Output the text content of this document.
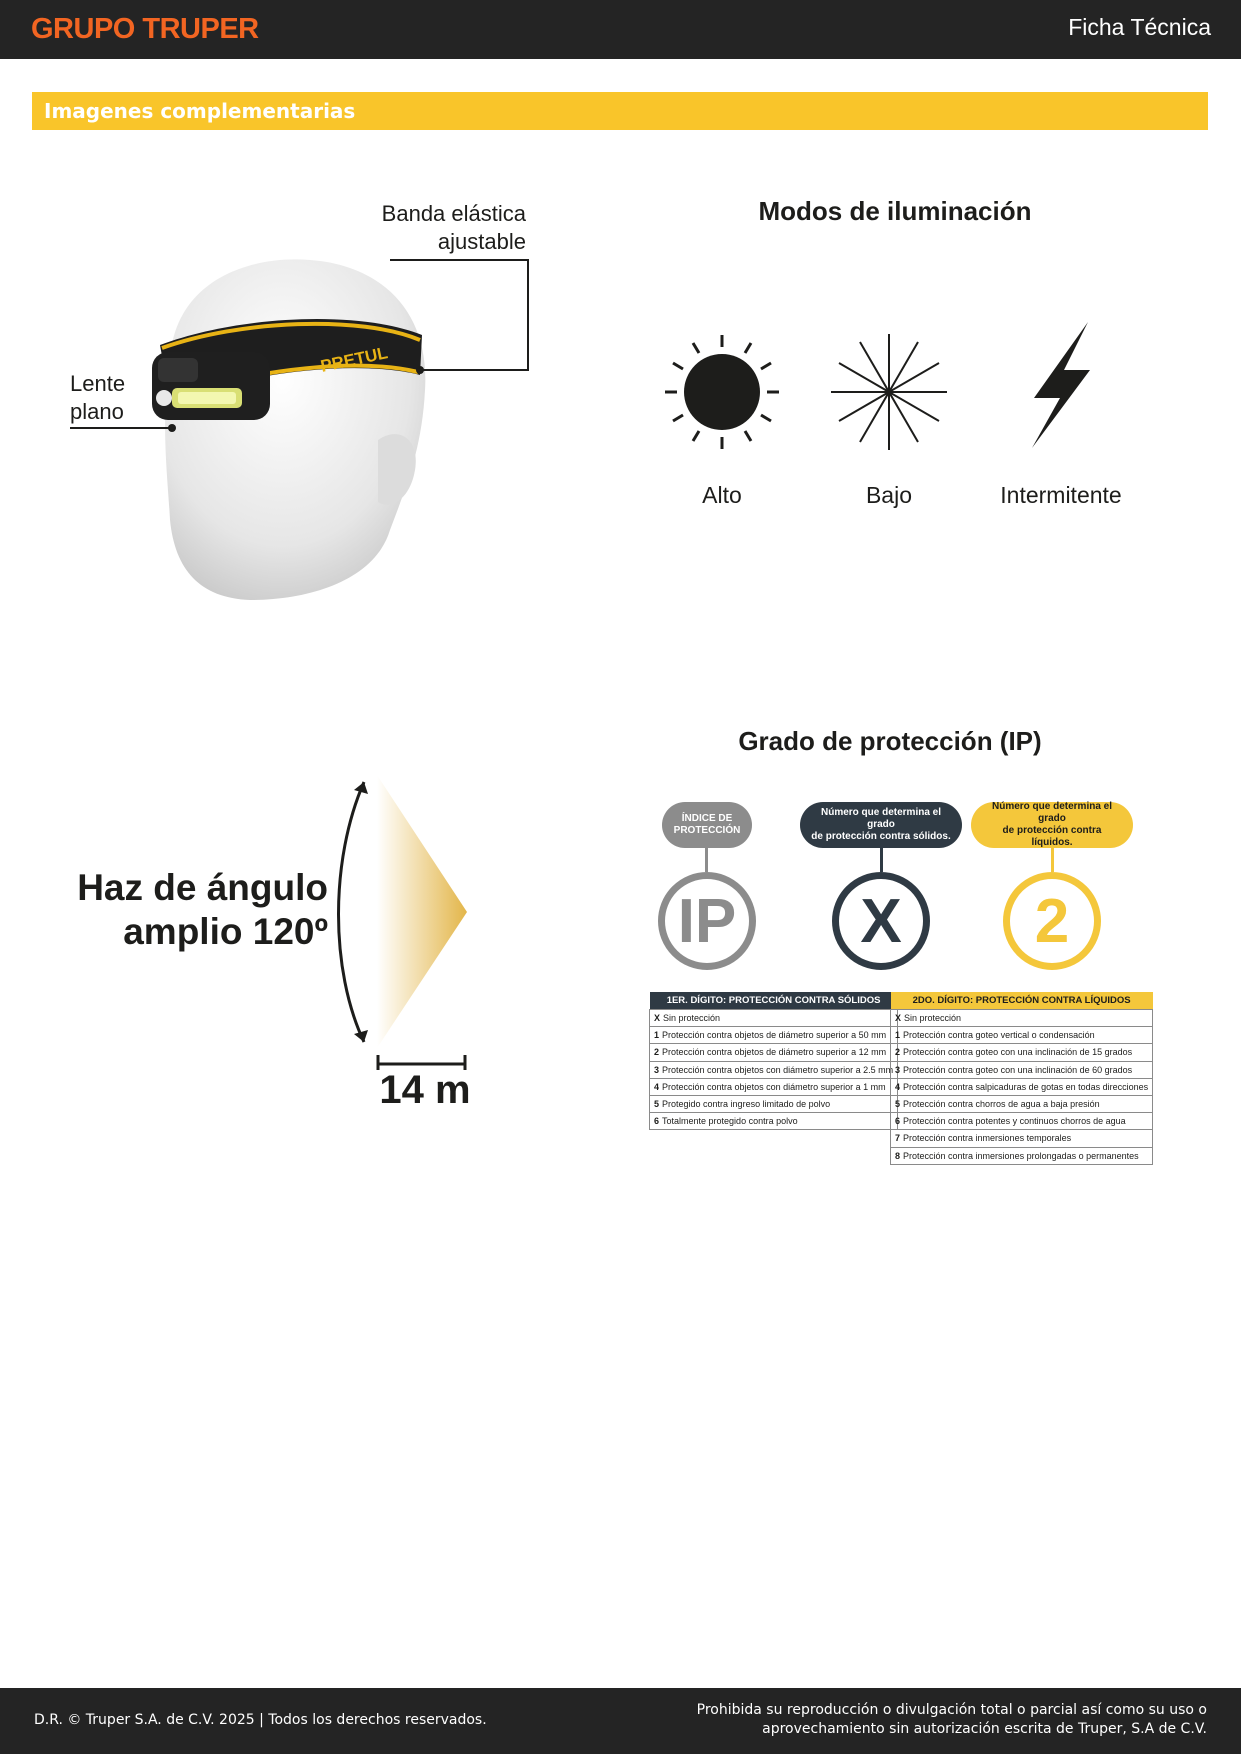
GRUPO TRUPER	Ficha Técnica
Imagenes complementarias
PRETUL
Banda elástica
ajustable
Lente
plano
Modos de iluminación
Alto	Bajo	Intermitente
Haz de ángulo
amplio 120º
14 m
Grado de protección (IP)
ÍNDICE DE
PROTECCIÓN
Número que determina el grado
de protección contra sólidos.
Número que determina el grado
de protección contra líquidos.
IP	X	2
1ER. DÍGITO: PROTECCIÓN CONTRA SÓLIDOS
X Sin protección
1 Protección contra objetos de diámetro superior a 50 mm
2 Protección contra objetos de diámetro superior a 12 mm
3 Protección contra objetos con diámetro superior a 2.5 mm
4 Protección contra objetos con diámetro superior a 1 mm
5 Protegido contra ingreso limitado de polvo
6 Totalmente protegido contra polvo
2DO. DÍGITO: PROTECCIÓN CONTRA LÍQUIDOS
X Sin protección
1 Protección contra goteo vertical o condensación
2 Protección contra goteo con una inclinación de 15 grados
3 Protección contra goteo con una inclinación de 60 grados
4 Protección contra salpicaduras de gotas en todas direcciones
5 Protección contra chorros de agua a baja presión
6 Protección contra potentes y continuos chorros de agua
7 Protección contra inmersiones temporales
8 Protección contra inmersiones prolongadas o permanentes
D.R. © Truper S.A. de C.V. 2025 | Todos los derechos reservados.
Prohibida su reproducción o divulgación total o parcial así como su uso o
aprovechamiento sin autorización escrita de Truper, S.A de C.V.
